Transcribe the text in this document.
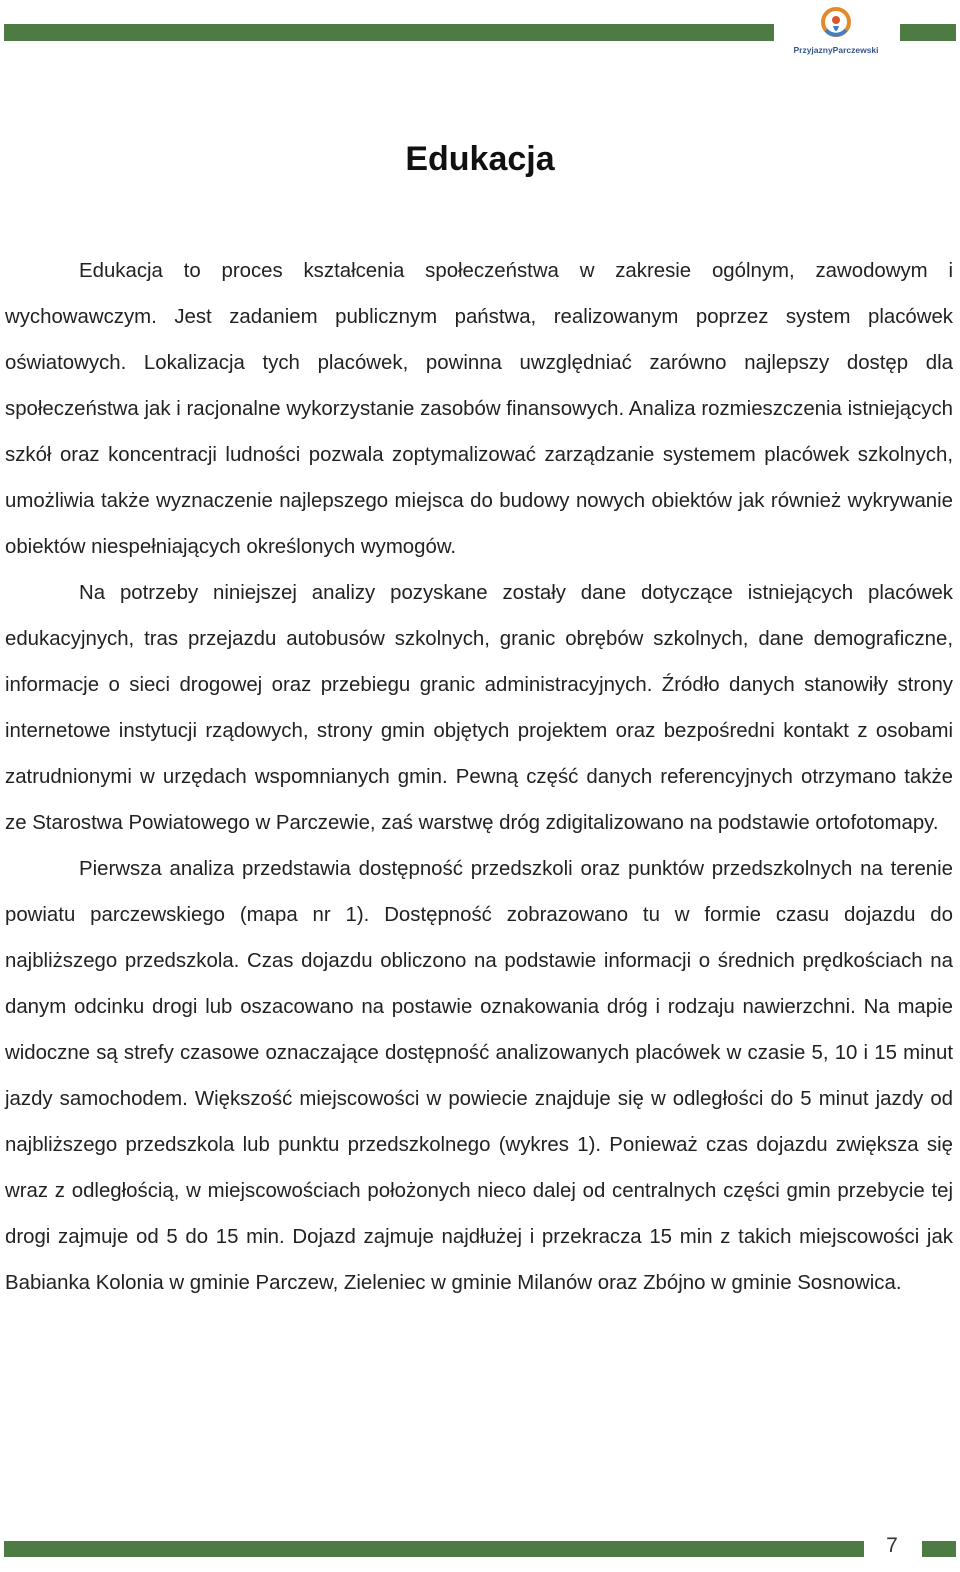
PrzyjaznyParczewski
Edukacja

Edukacja to proces kształcenia społeczeństwa w zakresie ogólnym, zawodowym i wychowawczym. Jest zadaniem publicznym państwa, realizowanym poprzez system placówek oświatowych. Lokalizacja tych placówek, powinna uwzględniać zarówno najlepszy dostęp dla społeczeństwa jak i racjonalne wykorzystanie zasobów finansowych. Analiza rozmieszczenia istniejących szkół oraz koncentracji ludności pozwala zoptymalizować zarządzanie systemem placówek szkolnych, umożliwia także wyznaczenie najlepszego miejsca do budowy nowych obiektów jak również wykrywanie obiektów niespełniających określonych wymogów.

Na potrzeby niniejszej analizy pozyskane zostały dane dotyczące istniejących placówek edukacyjnych, tras przejazdu autobusów szkolnych, granic obrębów szkolnych, dane demograficzne, informacje o sieci drogowej oraz przebiegu granic administracyjnych. Źródło danych stanowiły strony internetowe instytucji rządowych, strony gmin objętych projektem oraz bezpośredni kontakt z osobami zatrudnionymi w urzędach wspomnianych gmin. Pewną część danych referencyjnych otrzymano także ze Starostwa Powiatowego w Parczewie, zaś warstwę dróg zdigitalizowano na podstawie ortofotomapy.

Pierwsza analiza przedstawia dostępność przedszkoli oraz punktów przedszkolnych na terenie powiatu parczewskiego (mapa nr 1). Dostępność zobrazowano tu w formie czasu dojazdu do najbliższego przedszkola. Czas dojazdu obliczono na podstawie informacji o średnich prędkościach na danym odcinku drogi lub oszacowano na postawie oznakowania dróg i rodzaju nawierzchni. Na mapie widoczne są strefy czasowe oznaczające dostępność analizowanych placówek w czasie 5, 10 i 15 minut jazdy samochodem. Większość miejscowości w powiecie znajduje się w odległości do 5 minut jazdy od najbliższego przedszkola lub punktu przedszkolnego (wykres 1). Ponieważ czas dojazdu zwiększa się wraz z odległością, w miejscowościach położonych nieco dalej od centralnych części gmin przebycie tej drogi zajmuje od 5 do 15 min. Dojazd zajmuje najdłużej i przekracza 15 min z takich miejscowości jak Babianka Kolonia w gminie Parczew, Zieleniec w gminie Milanów oraz Zbójno w gminie Sosnowica.

7
